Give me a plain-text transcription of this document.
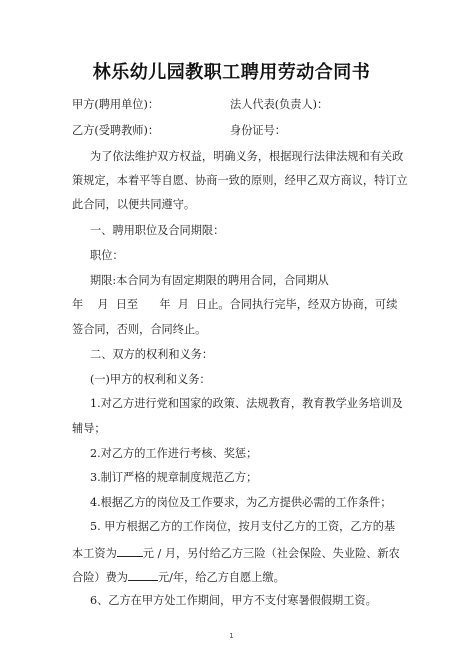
林乐幼儿园教职工聘用劳动合同书
甲方(聘用单位)：	法人代表(负责人)：
乙方(受聘教师)：	身份证号：
为了依法维护双方权益，明确义务，根据现行法律法规和有关政
策规定，本着平等自愿、协商一致的原则，经甲乙双方商议，特订立
此合同，以便共同遵守。
一、聘用职位及合同期限：
职位：
期限:本合同为有固定期限的聘用合同，合同期从
年    月  日至      年  月  日止。合同执行完毕，经双方协商，可续
签合同，否则，合同终止。
二、双方的权利和义务：
(一)甲方的权利和义务：
1.对乙方进行党和国家的政策、法规教育，教育教学业务培训及
辅导；
2.对乙方的工作进行考核、奖惩；
3.制订严格的规章制度规范乙方；
4.根据乙方的岗位及工作要求，为乙方提供必需的工作条件；
5. 甲方根据乙方的工作岗位，按月支付乙方的工资，乙方的基
本工资为 元 / 月，另付给乙方三险（社会保险、失业险、新农
合险）费为	元/年，给乙方自愿上缴。
6、乙方在甲方处工作期间，甲方不支付寒暑假假期工资。
1
